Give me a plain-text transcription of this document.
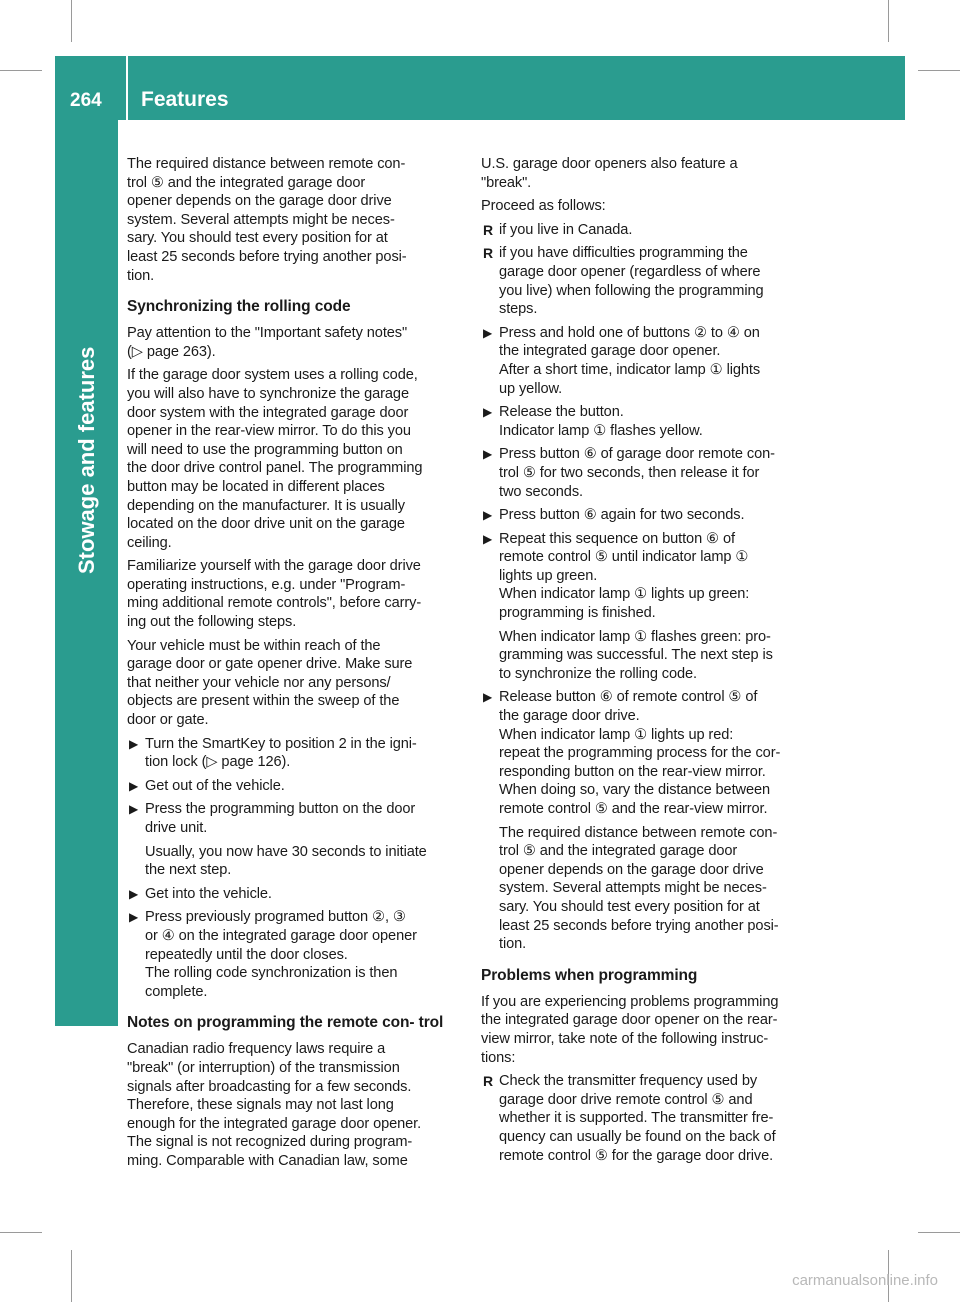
264 Features
Stowage and features

The required distance between remote con-
trol ⑤ and the integrated garage door
opener depends on the garage door drive
system. Several attempts might be neces-
sary. You should test every position for at
least 25 seconds before trying another posi-
tion.

Synchronizing the rolling code

Pay attention to the "Important safety notes"
(▷ page 263).

If the garage door system uses a rolling code,
you will also have to synchronize the garage
door system with the integrated garage door
opener in the rear-view mirror. To do this you
will need to use the programming button on
the door drive control panel. The programming
button may be located in different places
depending on the manufacturer. It is usually
located on the door drive unit on the garage
ceiling.

Familiarize yourself with the garage door drive
operating instructions, e.g. under "Program-
ming additional remote controls", before carry-
ing out the following steps.

Your vehicle must be within reach of the
garage door or gate opener drive. Make sure
that neither your vehicle nor any persons/
objects are present within the sweep of the
door or gate.

▶ Turn the SmartKey to position 2 in the igni-
tion lock (▷ page 126).
▶ Get out of the vehicle.
▶ Press the programming button on the door
drive unit.

Usually, you now have 30 seconds to initiate
the next step.

▶ Get into the vehicle.
▶ Press previously programed button ②, ③
or ④ on the integrated garage door opener
repeatedly until the door closes.
The rolling code synchronization is then
complete.
Notes on programming the remote con- trol

Canadian radio frequency laws require a
"break" (or interruption) of the transmission
signals after broadcasting for a few seconds.
Therefore, these signals may not last long
enough for the integrated garage door opener.
The signal is not recognized during program-
ming. Comparable with Canadian law, some

U.S. garage door openers also feature a
"break".

Proceed as follows:

R if you live in Canada.
R if you have difficulties programming the
garage door opener (regardless of where
you live) when following the programming
steps.
▶ Press and hold one of buttons ② to ④ on
the integrated garage door opener.
After a short time, indicator lamp ① lights
up yellow.
▶ Release the button.
Indicator lamp ① flashes yellow.
▶ Press button ⑥ of garage door remote con-
trol ⑤ for two seconds, then release it for
two seconds.
▶ Press button ⑥ again for two seconds.
▶ Repeat this sequence on button ⑥ of
remote control ⑤ until indicator lamp ①
lights up green.
When indicator lamp ① lights up green:
programming is finished.

When indicator lamp ① flashes green: pro-
gramming was successful. The next step is
to synchronize the rolling code.

▶ Release button ⑥ of remote control ⑤ of
the garage door drive.
When indicator lamp ① lights up red:
repeat the programming process for the cor-
responding button on the rear-view mirror.
When doing so, vary the distance between
remote control ⑤ and the rear-view mirror.

The required distance between remote con-
trol ⑤ and the integrated garage door
opener depends on the garage door drive
system. Several attempts might be neces-
sary. You should test every position for at
least 25 seconds before trying another posi-
tion.

Problems when programming

If you are experiencing problems programming
the integrated garage door opener on the rear-
view mirror, take note of the following instruc-
tions:

R Check the transmitter frequency used by
garage door drive remote control ⑤ and
whether it is supported. The transmitter fre-
quency can usually be found on the back of
remote control ⑤ for the garage door drive.
carmanualsonline.info
